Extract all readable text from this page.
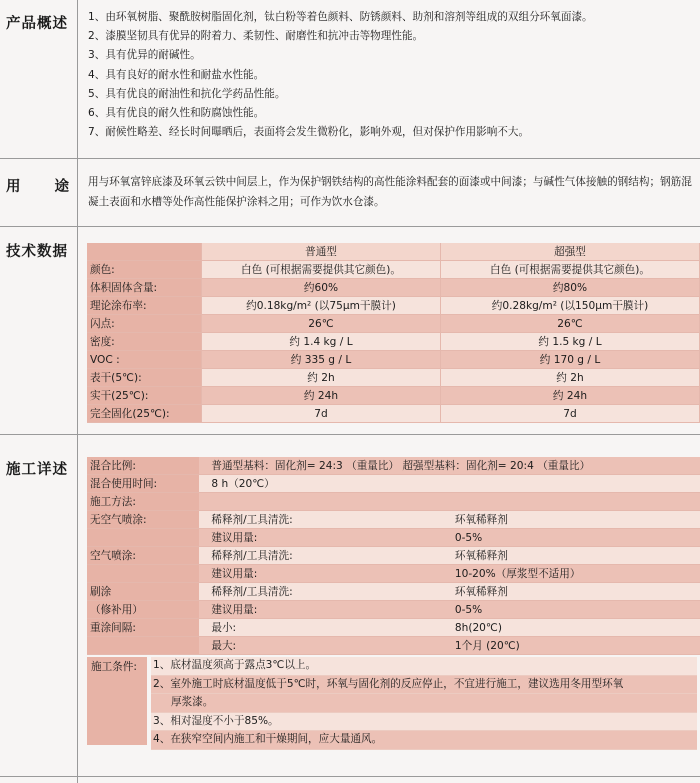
产品概述 1、由环氧树脂、聚酰胺树脂固化剂，钛白粉等着色颜料、防锈颜料、助剂和溶剂等组成的双组分环氧面漆。
2、漆膜坚韧具有优异的附着力、柔韧性、耐磨性和抗冲击等物理性能。
3、具有优异的耐碱性。
4、具有良好的耐水性和耐盐水性能。
5、具有优良的耐油性和抗化学药品性能。
6、具有优良的耐久性和防腐蚀性能。
7、耐候性略差、经长时间曝晒后，表面将会发生微粉化，影响外观，但对保护作用影响不大。
用 途 用与环氧富锌底漆及环氧云铁中间层上，作为保护钢铁结构的高性能涂料配套的面漆或中间漆；与碱性气体接触的钢结构；钢筋混凝土表面和水槽等处作高性能保护涂料之用；可作为饮水仓漆。
技术数据
		普通型	超强型
颜色:	白色 (可根据需要提供其它颜色)。	白色 (可根据需要提供其它颜色)。
体积固体含量:	约60%	约80%
理论涂布率:	约0.18kg/m² (以75μm干膜计)	约0.28kg/m² (以150μm干膜计)
闪点:	26℃	26℃
密度:	约 1.4 kg / L	约 1.5 kg / L
VOC :	约 335 g / L	约 170 g / L
表干(5℃):	约 2h	约 2h
实干(25℃):	约 24h	约 24h
完全固化(25℃):	7d	7d
施工详述 混合比例:	普通型基料：固化剂= 24:3 （重量比） 超强型基料：固化剂= 20:4 （重量比）	
混合使用时间:	8 h（20℃）	
施工方法:		
无空气喷涂:	稀释剂/工具清洗:	环氧稀释剂
	建议用量:	0-5%
空气喷涂:	稀释剂/工具清洗:	环氧稀释剂
	建议用量:	10-20%（厚浆型不适用）
刷涂	稀释剂/工具清洗:	环氧稀释剂
（修补用）	建议用量:	0-5%
重涂间隔:	最小:	8h(20℃)
	最大:	1个月 (20℃)
施工条件:	1、底材温度须高于露点3℃以上。
2、室外施工时底材温度低于5℃时，环氧与固化剂的反应停止，不宜进行施工，建议选用冬用型环氧
厚浆漆。
3、相对湿度不小于85%。
4、在狭窄空间内施工和干燥期间，应大量通风。
